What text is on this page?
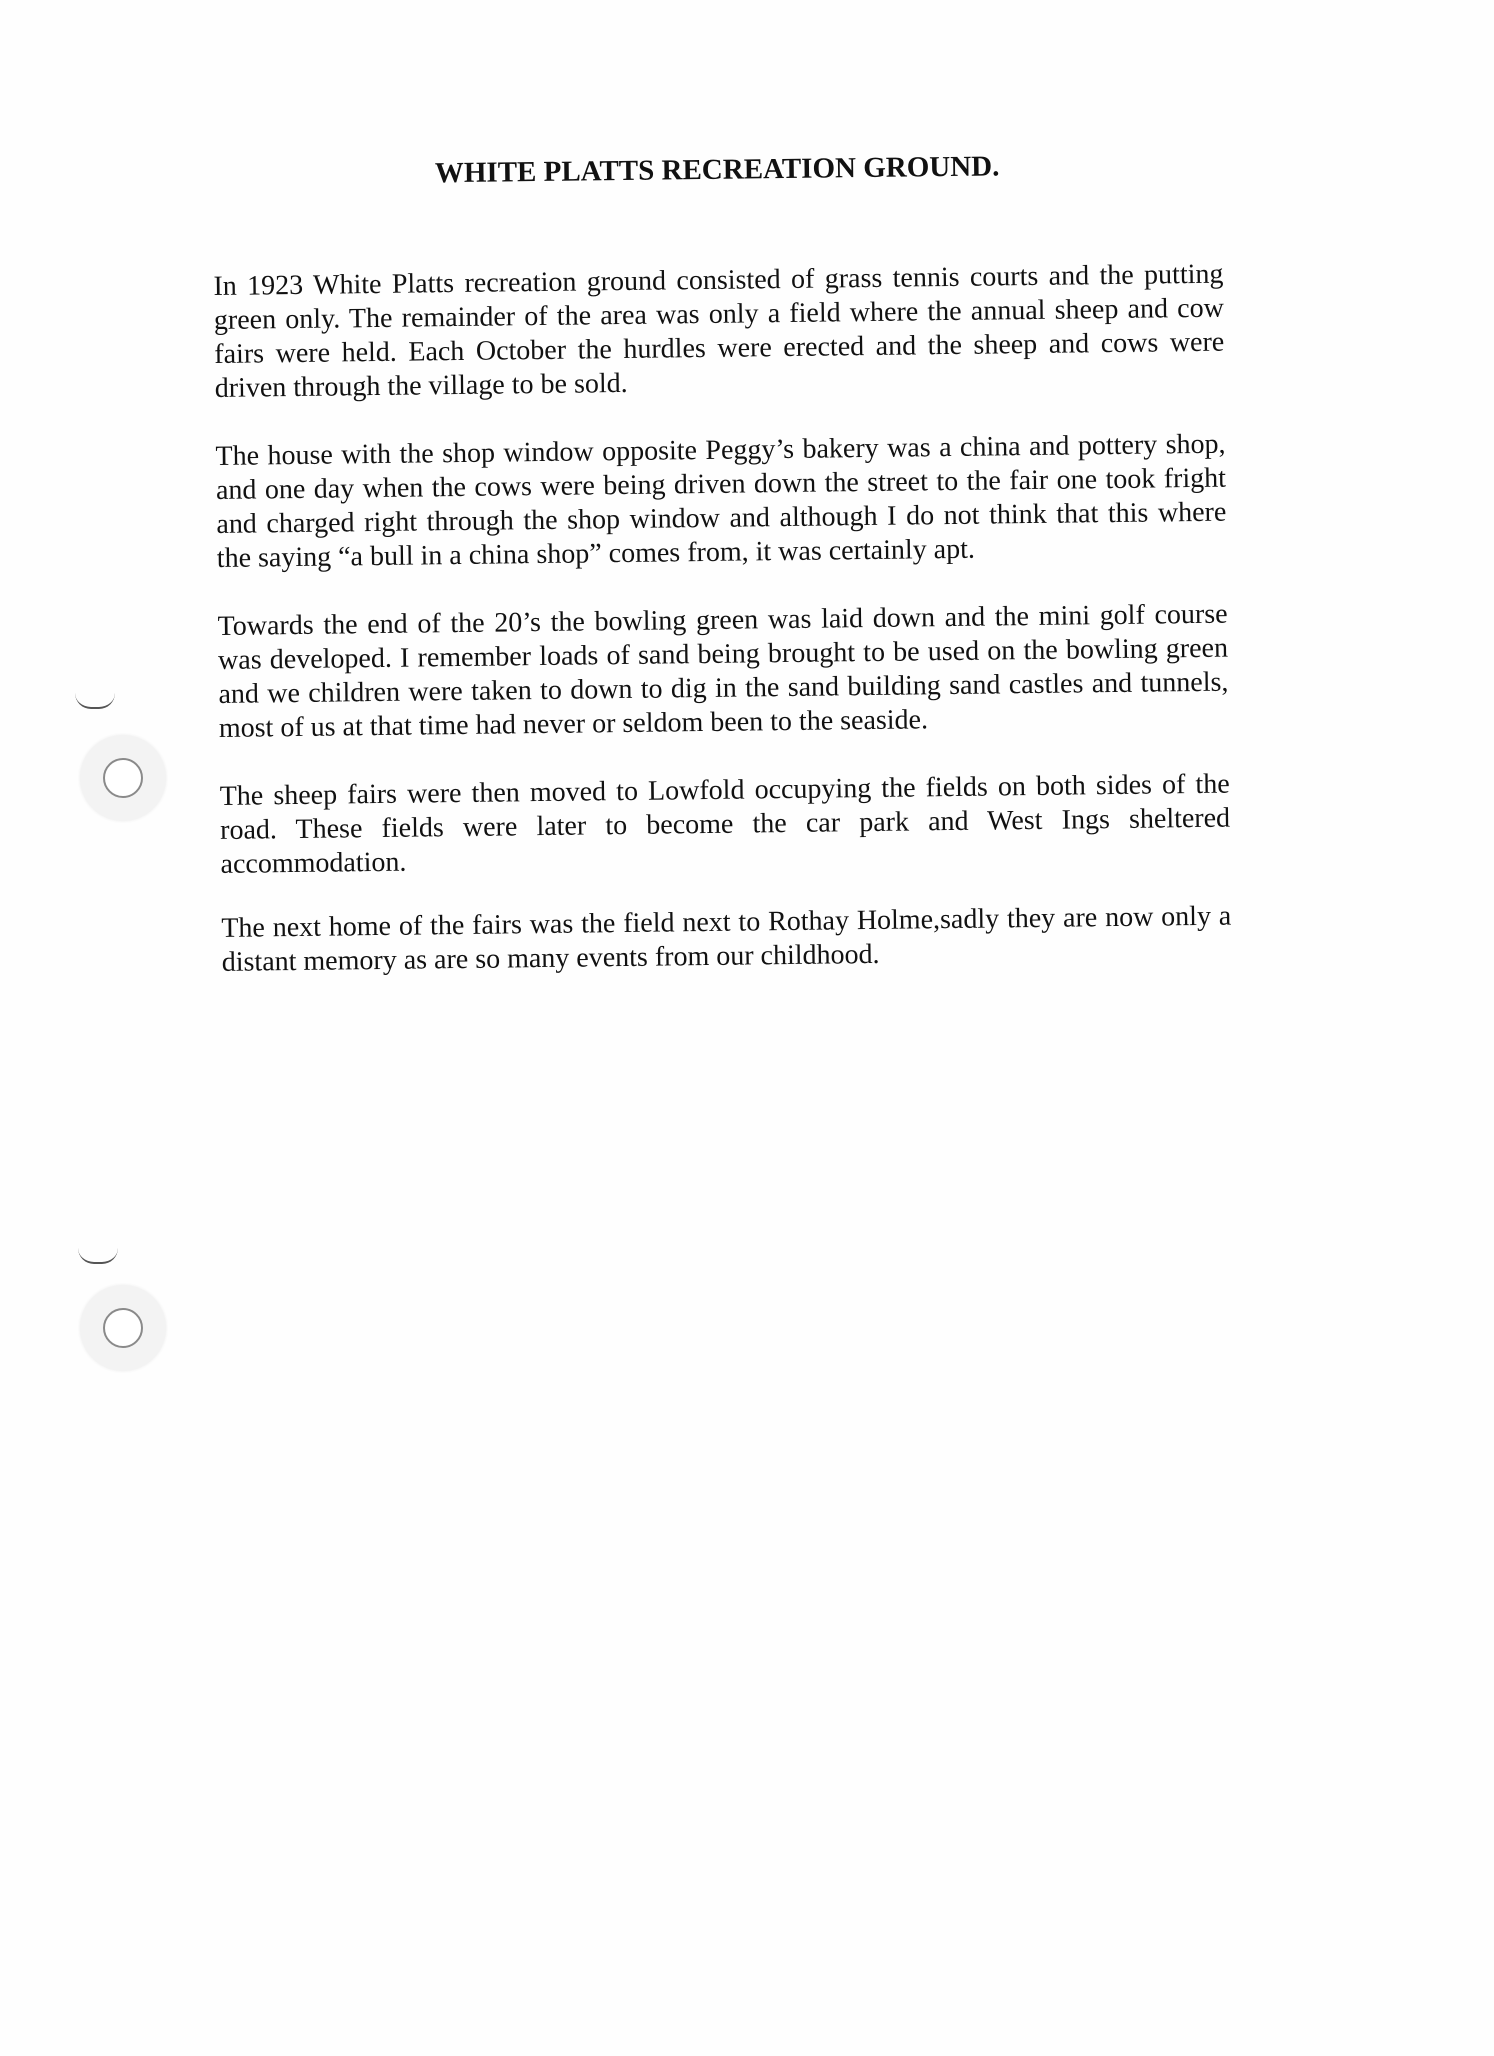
WHITE PLATTS RECREATION GROUND.

In 1923 White Platts recreation ground consisted of grass tennis courts and the putting green only. The remainder of the area was only a field where the annual sheep and cow fairs were held. Each October the hurdles were erected and the sheep and cows were driven through the village to be sold.

The house with the shop window opposite Peggy’s bakery was a china and pottery shop, and one day when the cows were being driven down the street to the fair one took fright and charged right through the shop window and although I do not think that this where the saying “a bull in a china shop” comes from, it was certainly apt.

Towards the end of the 20’s the bowling green was laid down and the mini golf course was developed. I remember loads of sand being brought to be used on the bowling green and we children were taken to down to dig in the sand building sand castles and tunnels, most of us at that time had never or seldom been to the seaside.

The sheep fairs were then moved to Lowfold occupying the fields on both sides of the road. These fields were later to become the car park and West Ings sheltered accommodation.

The next home of the fairs was the field next to Rothay Holme,sadly they are now only a distant memory as are so many events from our childhood.
